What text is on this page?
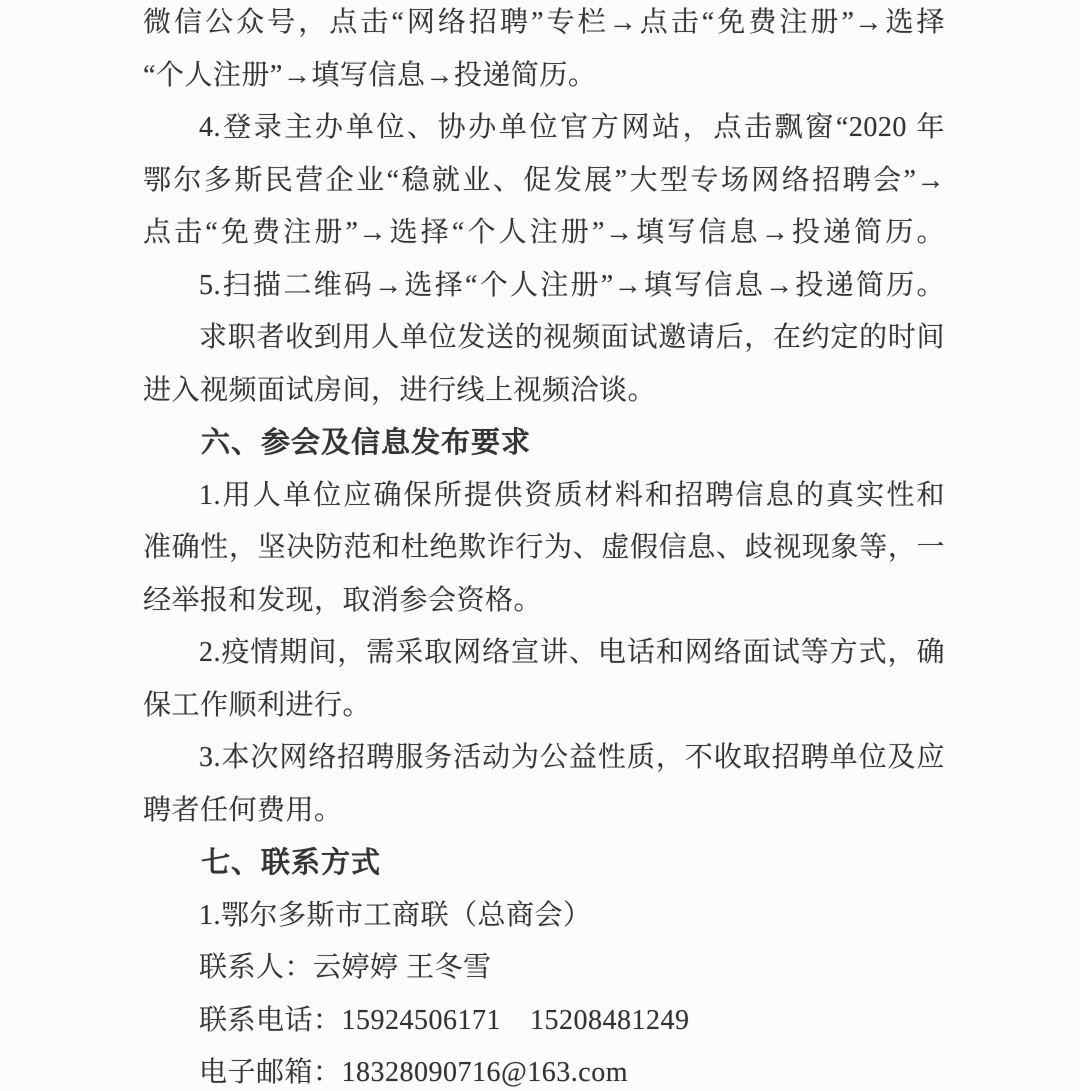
微信公众号，点击“网络招聘”专栏→点击“免费注册”→选择
“个人注册”→填写信息→投递简历。
4.登录主办单位、协办单位官方网站，点击飘窗“2020 年
鄂尔多斯民营企业“稳就业、促发展”大型专场网络招聘会”→
点击“免费注册”→选择“个人注册”→填写信息→投递简历。
5.扫描二维码→选择“个人注册”→填写信息→投递简历。
求职者收到用人单位发送的视频面试邀请后，在约定的时间
进入视频面试房间，进行线上视频洽谈。
六、参会及信息发布要求
1.用人单位应确保所提供资质材料和招聘信息的真实性和
准确性，坚决防范和杜绝欺诈行为、虚假信息、歧视现象等，一
经举报和发现，取消参会资格。
2.疫情期间，需采取网络宣讲、电话和网络面试等方式，确
保工作顺利进行。
3.本次网络招聘服务活动为公益性质，不收取招聘单位及应
聘者任何费用。
七、联系方式
1.鄂尔多斯市工商联（总商会）
联系人：云婷婷 王冬雪
联系电话：15924506171  15208481249
电子邮箱：18328090716@163.com
